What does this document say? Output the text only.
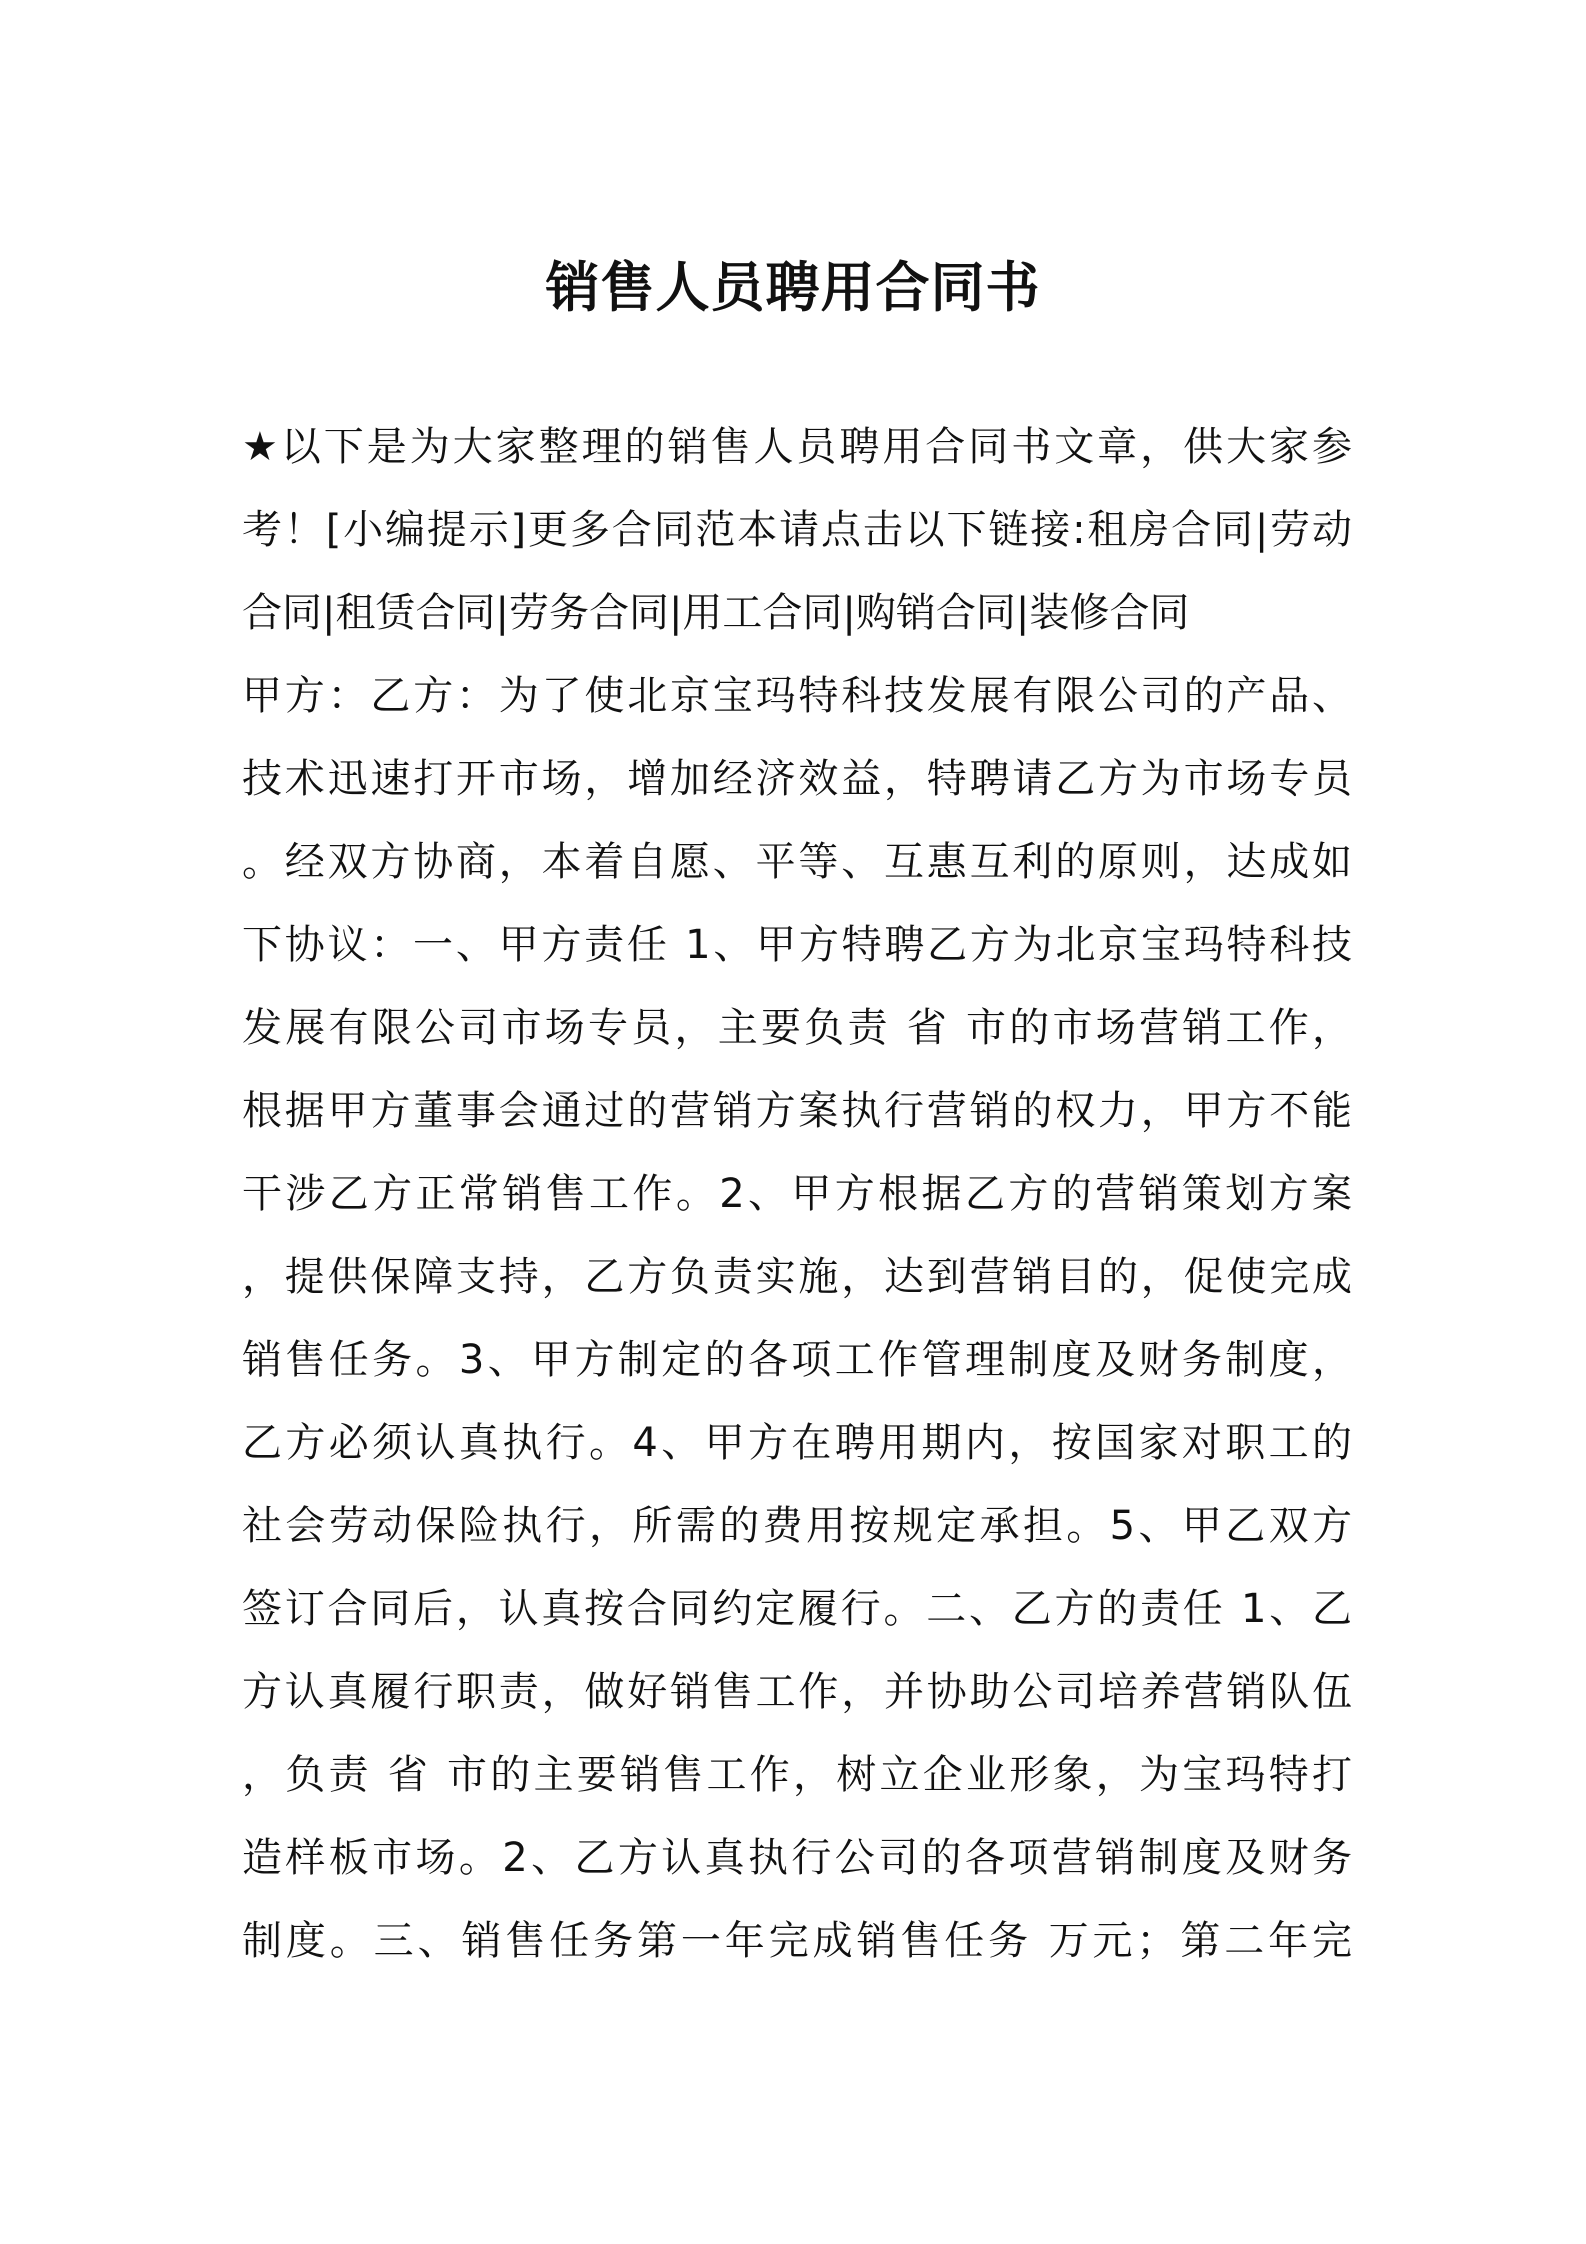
销售人员聘用合同书
★以下是为大家整理的销售人员聘用合同书文章，供大家参
考！[小编提示]更多合同范本请点击以下链接:租房合同|劳动
合同|租赁合同|劳务合同|用工合同|购销合同|装修合同
甲方：乙方：为了使北京宝玛特科技发展有限公司的产品、
技术迅速打开市场，增加经济效益，特聘请乙方为市场专员
。经双方协商，本着自愿、平等、互惠互利的原则，达成如
下协议：一、甲方责任 1、甲方特聘乙方为北京宝玛特科技
发展有限公司市场专员，主要负责 省 市的市场营销工作，
根据甲方董事会通过的营销方案执行营销的权力，甲方不能
干涉乙方正常销售工作。2、甲方根据乙方的营销策划方案
，提供保障支持，乙方负责实施，达到营销目的，促使完成
销售任务。3、甲方制定的各项工作管理制度及财务制度，
乙方必须认真执行。4、甲方在聘用期内，按国家对职工的
社会劳动保险执行，所需的费用按规定承担。5、甲乙双方
签订合同后，认真按合同约定履行。二、乙方的责任 1、乙
方认真履行职责，做好销售工作，并协助公司培养营销队伍
，负责 省 市的主要销售工作，树立企业形象，为宝玛特打
造样板市场。2、乙方认真执行公司的各项营销制度及财务
制度。三、销售任务第一年完成销售任务 万元；第二年完
